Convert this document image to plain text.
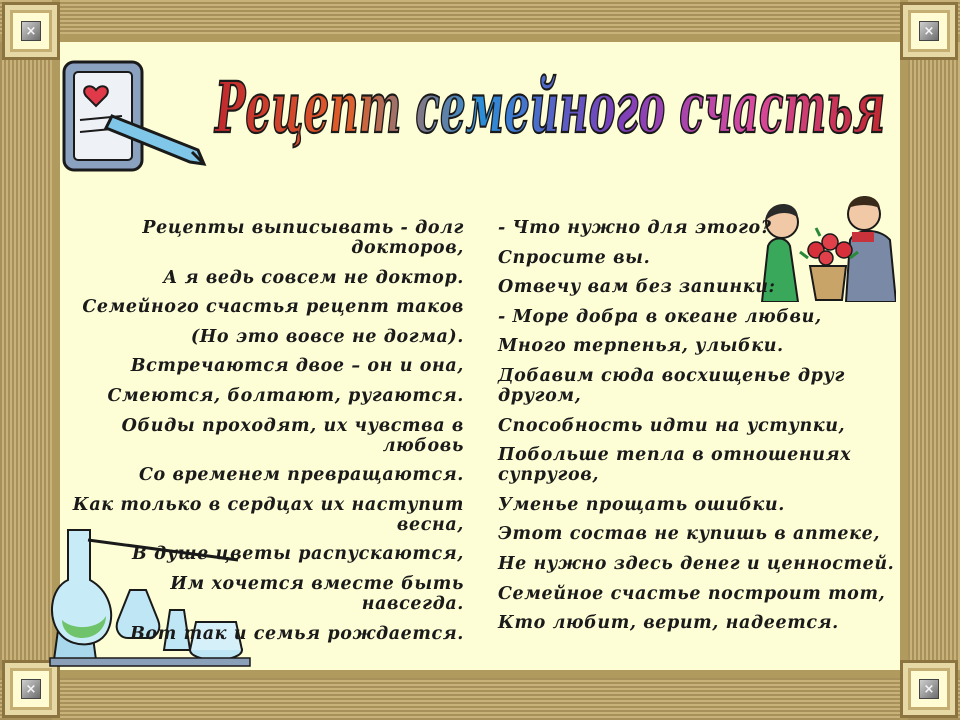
×	×
×	×
Рецепт семейного счастья

Рецепты выписывать - долг докторов,

А я ведь совсем не доктор.

Семейного счастья рецепт таков

(Но это вовсе не догма).

Встречаются двое – он и она,

Смеются, болтают, ругаются.

Обиды проходят, их чувства в любовь

Со временем превращаются.

Как только в сердцах их наступит весна,

В душе цветы распускаются,

Им хочется вместе быть навсегда.

Вот так и семья рождается.

- Что нужно для этого?

Спросите вы.

Отвечу вам без запинки:

- Море добра в океане любви,

Много терпенья, улыбки.

Добавим сюда восхищенье друг другом,

Способность идти на уступки,

Побольше тепла в отношениях супругов,

Уменье прощать ошибки.

Этот состав не купишь в аптеке,

Не нужно здесь денег и ценностей.

Семейное счастье построит тот,

Кто любит, верит, надеется.
